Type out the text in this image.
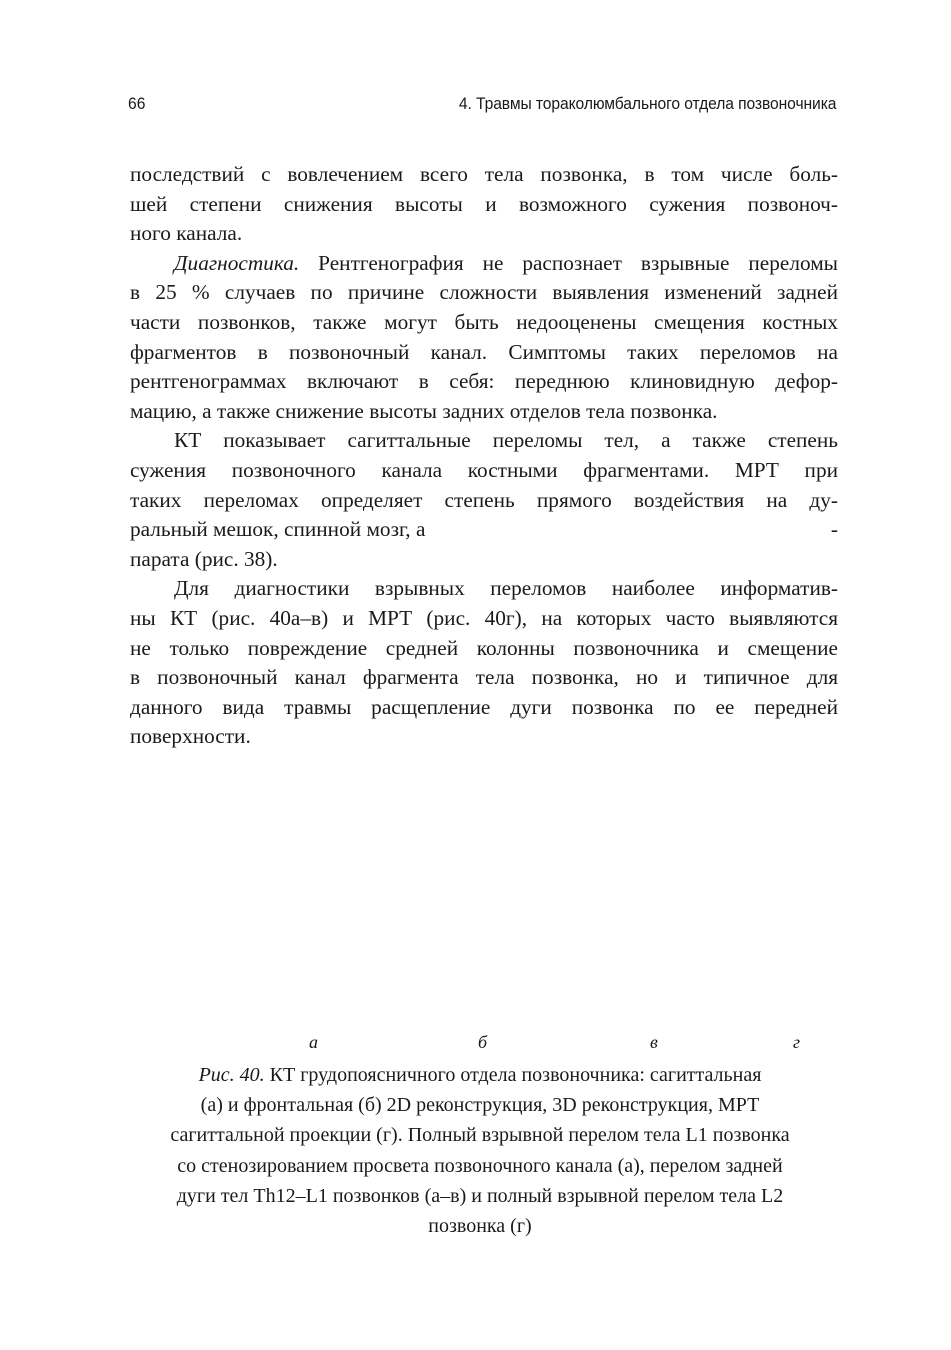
66	4. Травмы тораколюмбального отдела позвоночника

последствий с вовлечением всего тела позвонка, в том числе боль-
шей степени снижения высоты и возможного сужения позвоноч-
ного канала.

Диагностика. Рентгенография не распознает взрывные переломы
в 25 % случаев по причине сложности выявления изменений задней
части позвонков, также могут быть недооценены смещения костных
фрагментов в позвоночный канал. Симптомы таких переломов на
рентгенограммах включают в себя: переднюю клиновидную дефор-
мацию, а также снижение высоты задних отделов тела позвонка.

КТ показывает сагиттальные переломы тел, а также степень
сужения позвоночного канала костными фрагментами. МРТ при
таких переломах определяет степень прямого воздействия на ду-
ральный мешок, спинной мозг, а	-
парата (рис. 38).

Для диагностики взрывных переломов наиболее информатив-
ны КТ (рис. 40а–в) и МРТ (рис. 40г), на которых часто выявляются
не только повреждение средней колонны позвоночника и смещение
в позвоночный канал фрагмента тела позвонка, но и типичное для
данного вида травмы расщепление дуги позвонка по ее передней
поверхности.

а	б	в	г
Рис. 40. КТ грудопоясничного отдела позвоночника: сагиттальная
(а) и фронтальная (б) 2D реконструкция, 3D реконструкция, МРТ
сагиттальной проекции (г). Полный взрывной перелом тела L1 позвонка
со стенозированием просвета позвоночного канала (а), перелом задней
дуги тел Th12–L1 позвонков (а–в) и полный взрывной перелом тела L2
позвонка (г)
